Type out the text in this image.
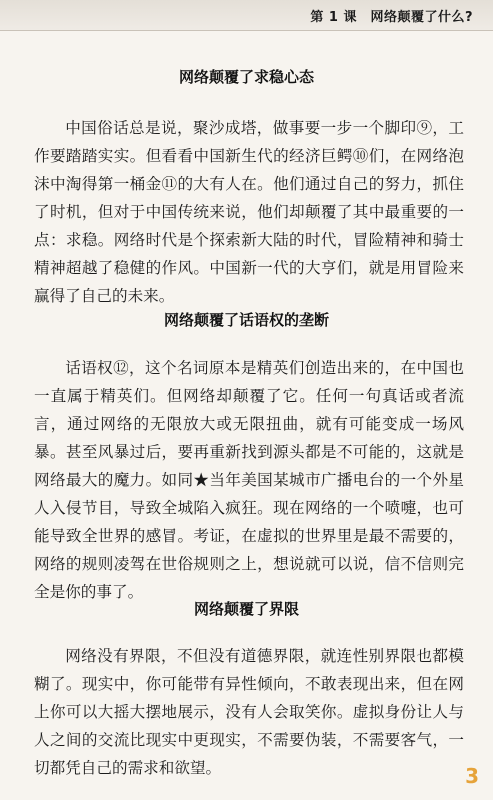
第 1 课　网络颠覆了什么?
网络颠覆了求稳心态

中国俗话总是说，聚沙成塔，做事要一步一个脚印⑨，工作要踏踏实实。但看看中国新生代的经济巨鳄⑩们，在网络泡沫中淘得第一桶金⑪的大有人在。他们通过自己的努力，抓住了时机，但对于中国传统来说，他们却颠覆了其中最重要的一点：求稳。网络时代是个探索新大陆的时代，冒险精神和骑士精神超越了稳健的作风。中国新一代的大亨们，就是用冒险来赢得了自己的未来。

网络颠覆了话语权的垄断

话语权⑫，这个名词原本是精英们创造出来的，在中国也一直属于精英们。但网络却颠覆了它。任何一句真话或者流言，通过网络的无限放大或无限扭曲，就有可能变成一场风暴。甚至风暴过后，要再重新找到源头都是不可能的，这就是网络最大的魔力。如同★当年美国某城市广播电台的一个外星人入侵节目，导致全城陷入疯狂。现在网络的一个喷嚏，也可能导致全世界的感冒。考证，在虚拟的世界里是最不需要的，网络的规则凌驾在世俗规则之上，想说就可以说，信不信则完全是你的事了。

网络颠覆了界限

网络没有界限，不但没有道德界限，就连性别界限也都模糊了。现实中，你可能带有异性倾向，不敢表现出来，但在网上你可以大摇大摆地展示，没有人会取笑你。虚拟身份让人与人之间的交流比现实中更现实，不需要伪装，不需要客气，一切都凭自己的需求和欲望。	3
